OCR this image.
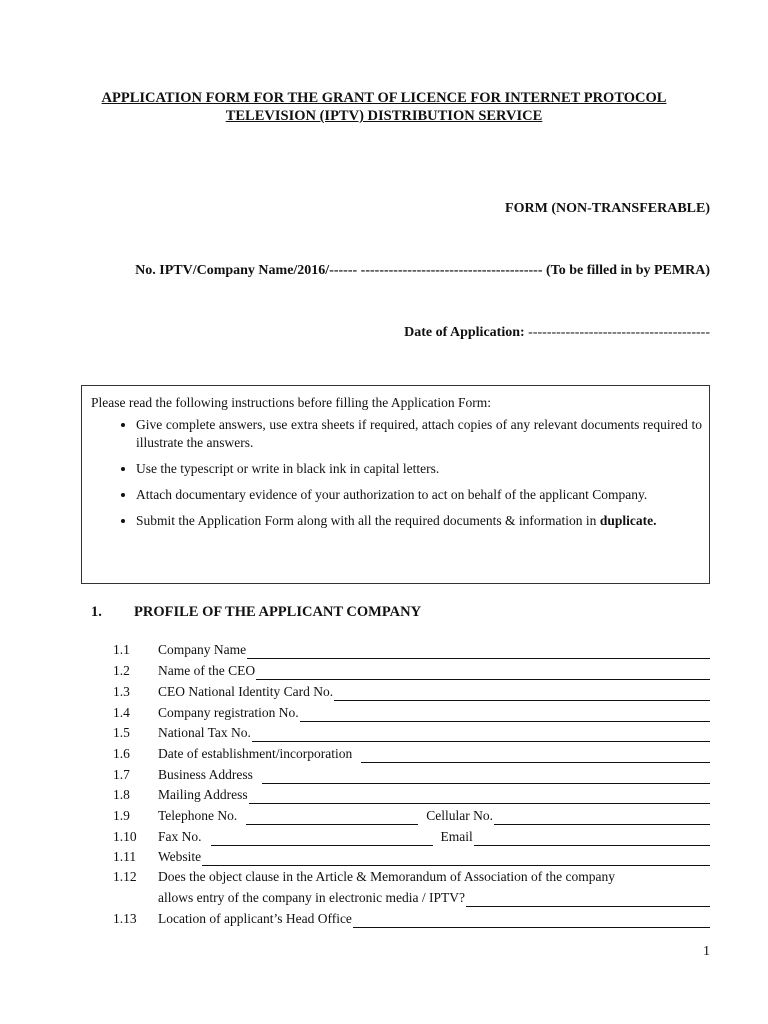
APPLICATION FORM FOR THE GRANT OF LICENCE FOR INTERNET PROTOCOL
TELEVISION (IPTV) DISTRIBUTION SERVICE
FORM (NON-TRANSFERABLE)
No. IPTV/Company Name/2016/------ --------------------------------------- (To be filled in by PEMRA)
Date of Application: ---------------------------------------
Please read the following instructions before filling the Application Form:
• Give complete answers, use extra sheets if required, attach copies of any relevant documents required to illustrate the answers.
• Use the typescript or write in black ink in capital letters.
• Attach documentary evidence of your authorization to act on behalf of the applicant Company.
• Submit the Application Form along with all the required documents & information in duplicate.
1. PROFILE OF THE APPLICANT COMPANY
1.1	Company Name
1.2	Name of the CEO
1.3	CEO National Identity Card No.
1.4	Company registration No.
1.5	National Tax No.
1.6	Date of establishment/incorporation
1.7	Business Address
1.8	Mailing Address
1.9	Telephone No.	Cellular No.
1.10	Fax No.	Email
1.11	Website
1.12	Does the object clause in the Article & Memorandum of Association of the company
allows entry of the company in electronic media / IPTV?
1.13	Location of applicant’s Head Office
1
